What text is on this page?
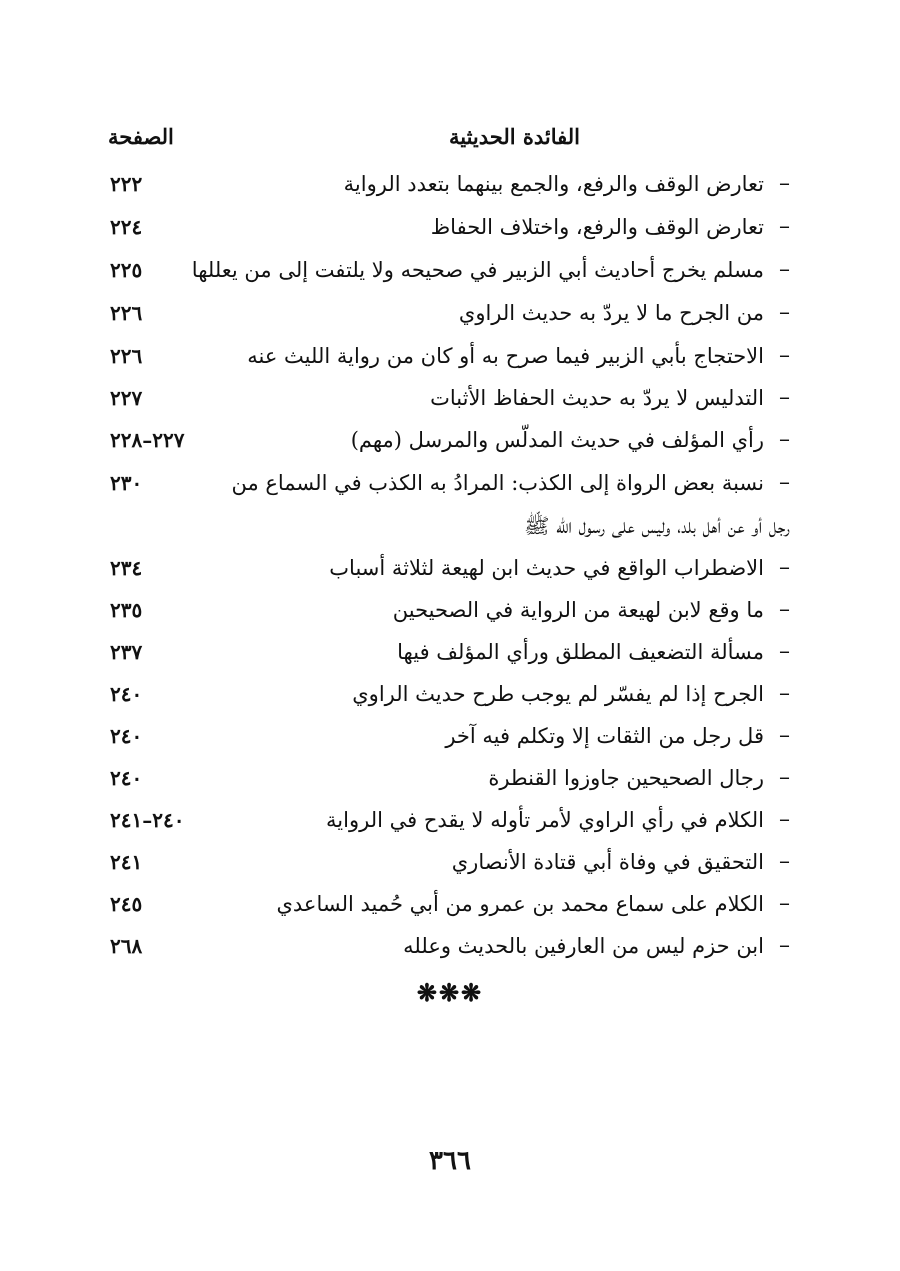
الفائدة الحديثية
الصفحة
–
تعارض الوقف والرفع، والجمع بينهما بتعدد الرواية
٢٢٢
–
تعارض الوقف والرفع، واختلاف الحفاظ
٢٢٤
–
مسلم يخرج أحاديث أبي الزبير في صحيحه ولا يلتفت إلى من يعللها
٢٢٥
–
من الجرح ما لا يردّ به حديث الراوي
٢٢٦
–
الاحتجاج بأبي الزبير فيما صرح به أو كان من رواية الليث عنه
٢٢٦
–
التدليس لا يردّ به حديث الحفاظ الأثبات
٢٢٧
–
رأي المؤلف في حديث المدلّس والمرسل (مهم)
٢٢٧–٢٢٨
–
نسبة بعض الرواة إلى الكذب: المرادُ به الكذب في السماع من
٢٣٠
رجل أو عن أهل بلد، وليس على رسول الله ﷺ
–
الاضطراب الواقع في حديث ابن لهيعة لثلاثة أسباب
٢٣٤
–
ما وقع لابن لهيعة من الرواية في الصحيحين
٢٣٥
–
مسألة التضعيف المطلق ورأي المؤلف فيها
٢٣٧
–
الجرح إذا لم يفسّر لم يوجب طرح حديث الراوي
٢٤٠
–
قل رجل من الثقات إلا وتكلم فيه آخر
٢٤٠
–
رجال الصحيحين جاوزوا القنطرة
٢٤٠
–
الكلام في رأي الراوي لأمر تأوله لا يقدح في الرواية
٢٤٠–٢٤١
–
التحقيق في وفاة أبي قتادة الأنصاري
٢٤١
–
الكلام على سماع محمد بن عمرو من أبي حُميد الساعدي
٢٤٥
–
ابن حزم ليس من العارفين بالحديث وعلله
٢٦٨
❋❋❋
٣٦٦
